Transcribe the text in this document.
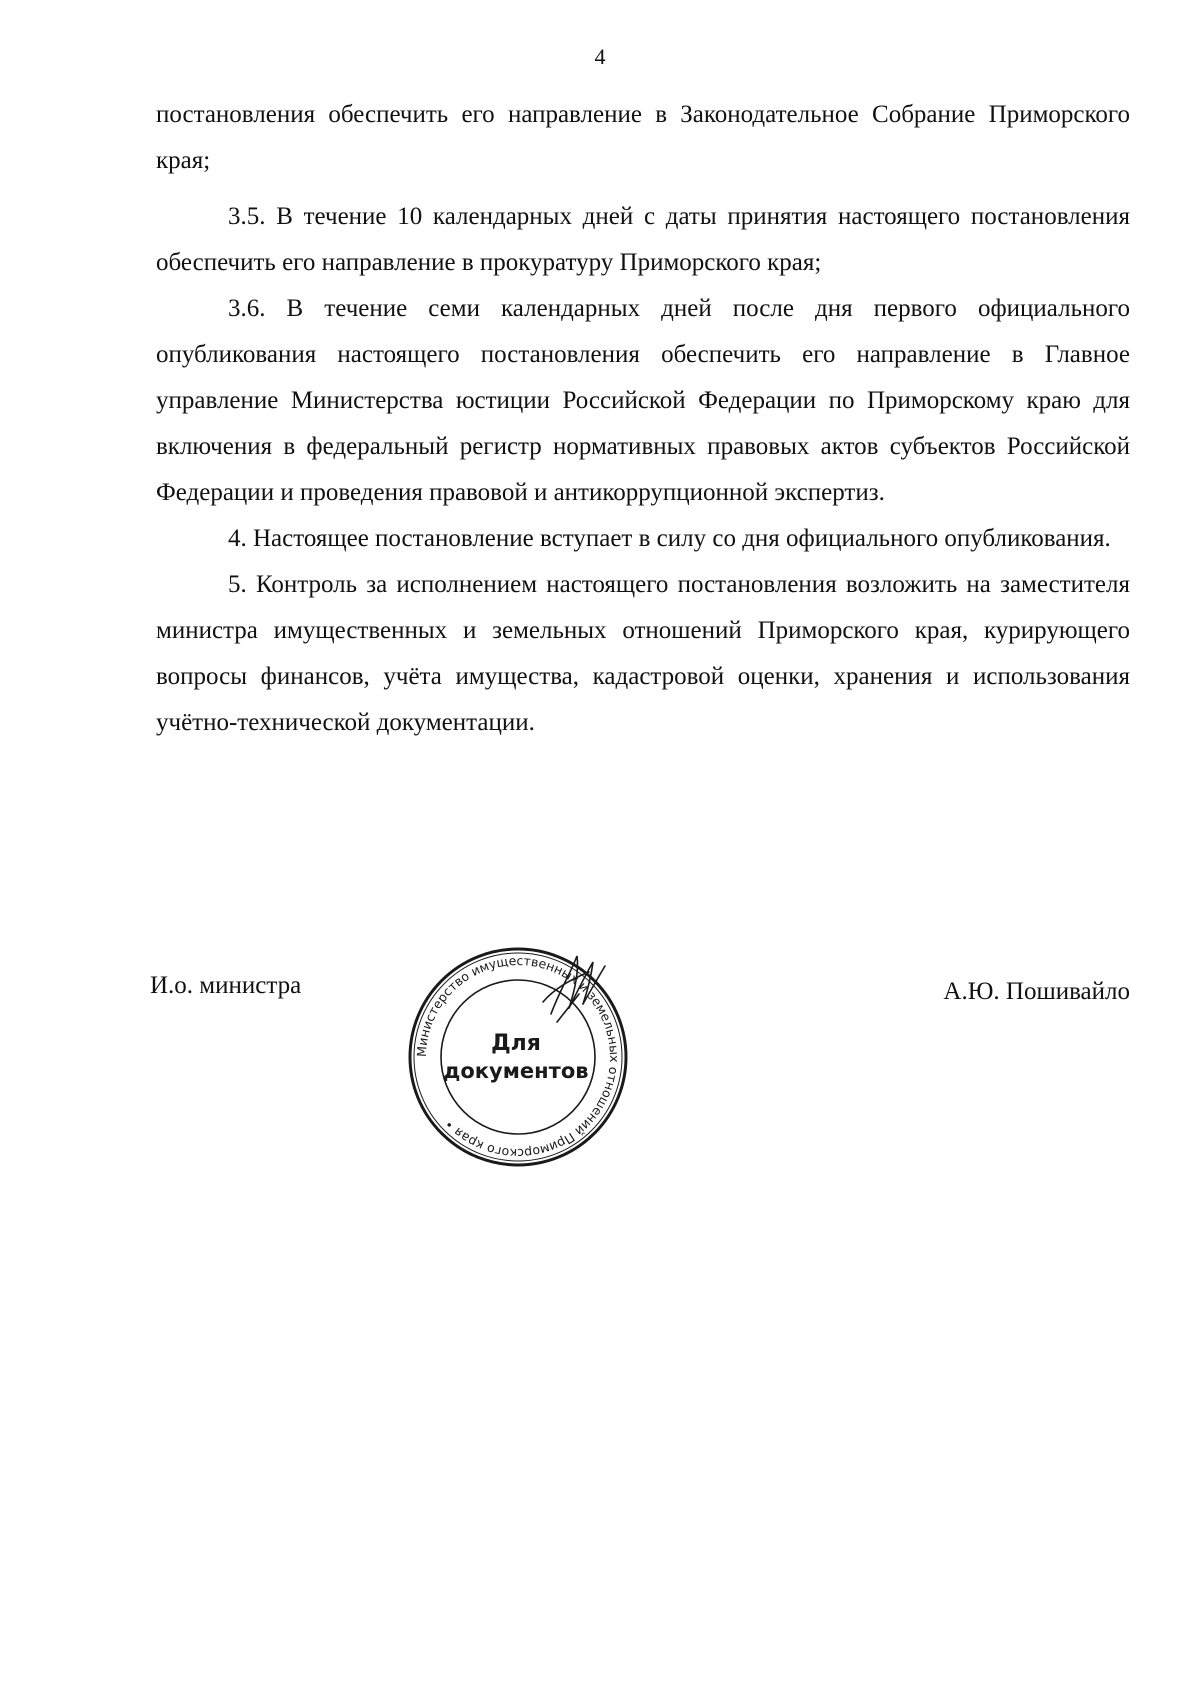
4

постановления обеспечить его направление в Законодательное Собрание Приморского края;

3.5. В течение 10 календарных дней с даты принятия настоящего постановления обеспечить его направление в прокуратуру Приморского края;

3.6. В течение семи календарных дней после дня первого официального опубликования настоящего постановления обеспечить его направление в Главное управление Министерства юстиции Российской Федерации по Приморскому краю для включения в федеральный регистр нормативных правовых актов субъектов Российской Федерации и проведения правовой и антикоррупционной экспертиз.

4. Настоящее постановление вступает в силу со дня официального опубликования.

5. Контроль за исполнением настоящего постановления возложить на заместителя министра имущественных и земельных отношений Приморского края, курирующего вопросы финансов, учёта имущества, кадастровой оценки, хранения и использования учётно-технической документации.

И.о. министра
Министерство имущественных и земельных отношений Приморского края •
Для
документов
А.Ю. Пошивайло
